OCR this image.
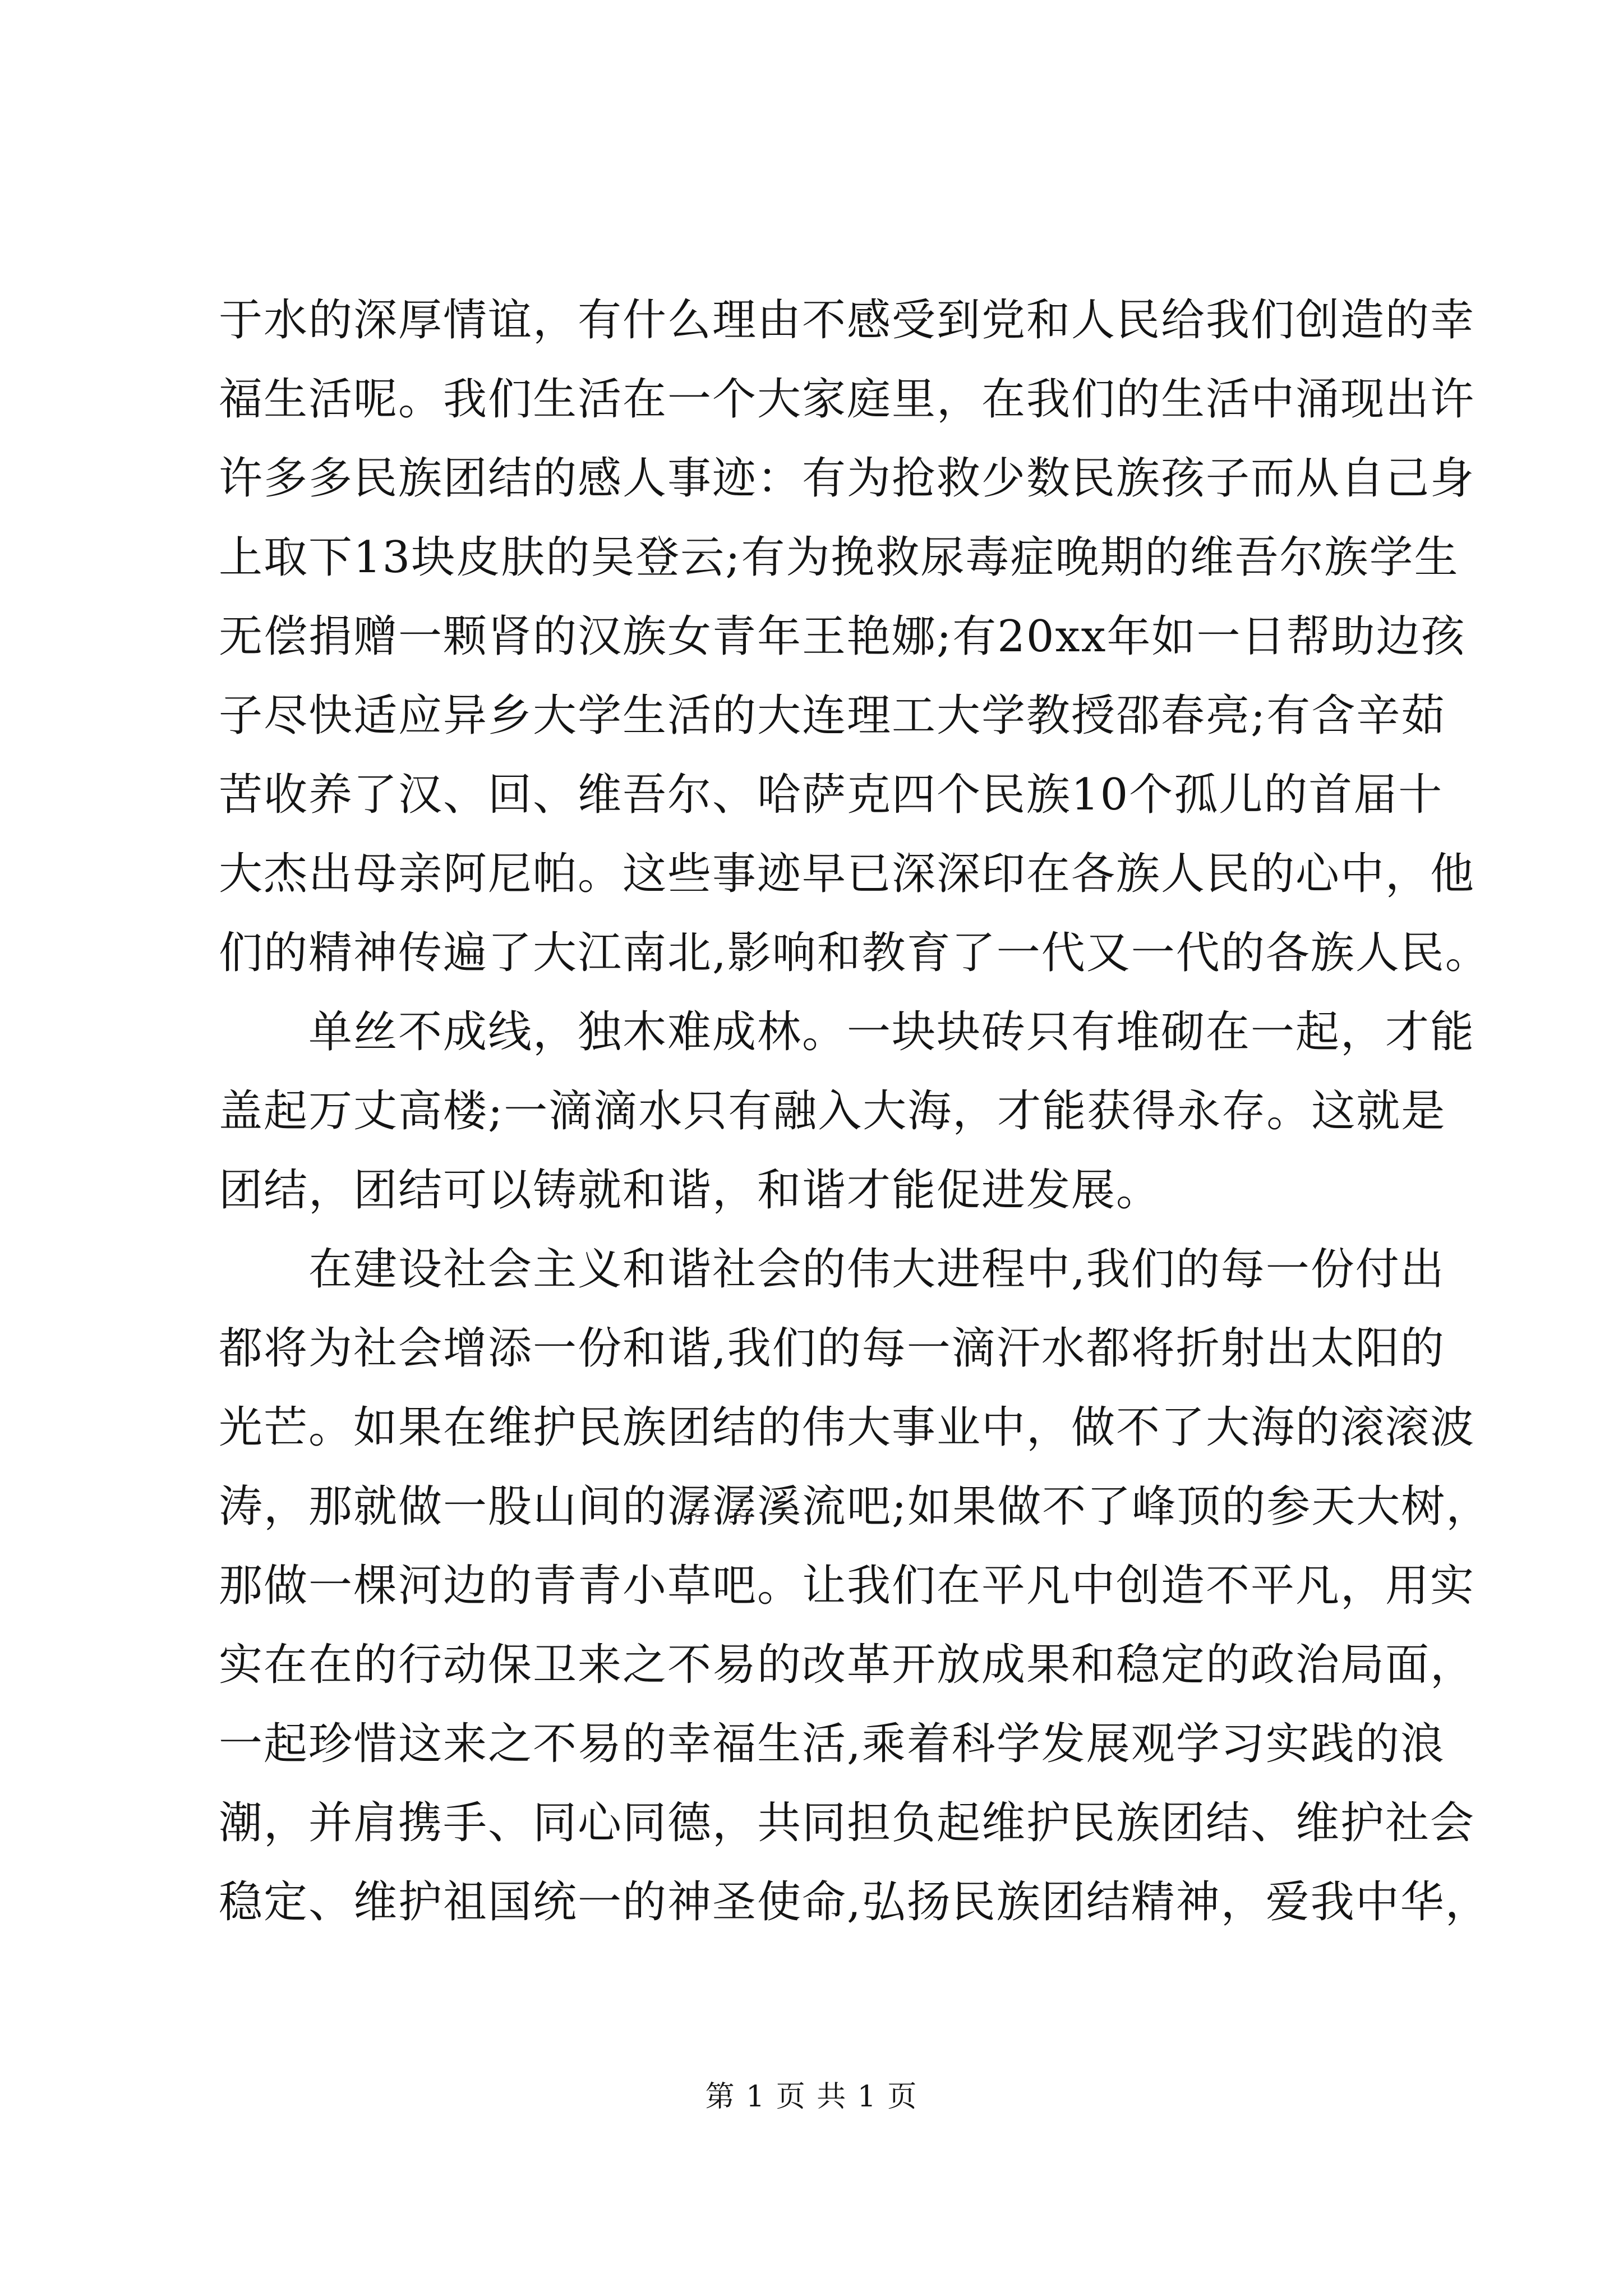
于水的深厚情谊，有什么理由不感受到党和人民给我们创造的幸
福生活呢。我们生活在一个大家庭里，在我们的生活中涌现出许
许多多民族团结的感人事迹：有为抢救少数民族孩子而从自己身
上取下13块皮肤的吴登云;有为挽救尿毒症晚期的维吾尔族学生
无偿捐赠一颗肾的汉族女青年王艳娜;有20xx年如一日帮助边孩
子尽快适应异乡大学生活的大连理工大学教授邵春亮;有含辛茹
苦收养了汉、回、维吾尔、哈萨克四个民族10个孤儿的首届十
大杰出母亲阿尼帕。这些事迹早已深深印在各族人民的心中，他
们的精神传遍了大江南北,影响和教育了一代又一代的各族人民。
　　单丝不成线，独木难成林。一块块砖只有堆砌在一起，才能
盖起万丈高楼;一滴滴水只有融入大海，才能获得永存。这就是
团结，团结可以铸就和谐，和谐才能促进发展。
　　在建设社会主义和谐社会的伟大进程中,我们的每一份付出
都将为社会增添一份和谐,我们的每一滴汗水都将折射出太阳的
光芒。如果在维护民族团结的伟大事业中，做不了大海的滚滚波
涛，那就做一股山间的潺潺溪流吧;如果做不了峰顶的参天大树，
那做一棵河边的青青小草吧。让我们在平凡中创造不平凡，用实
实在在的行动保卫来之不易的改革开放成果和稳定的政治局面，
一起珍惜这来之不易的幸福生活,乘着科学发展观学习实践的浪
潮，并肩携手、同心同德，共同担负起维护民族团结、维护社会
稳定、维护祖国统一的神圣使命,弘扬民族团结精神，爱我中华，
第 1 页 共 1 页
